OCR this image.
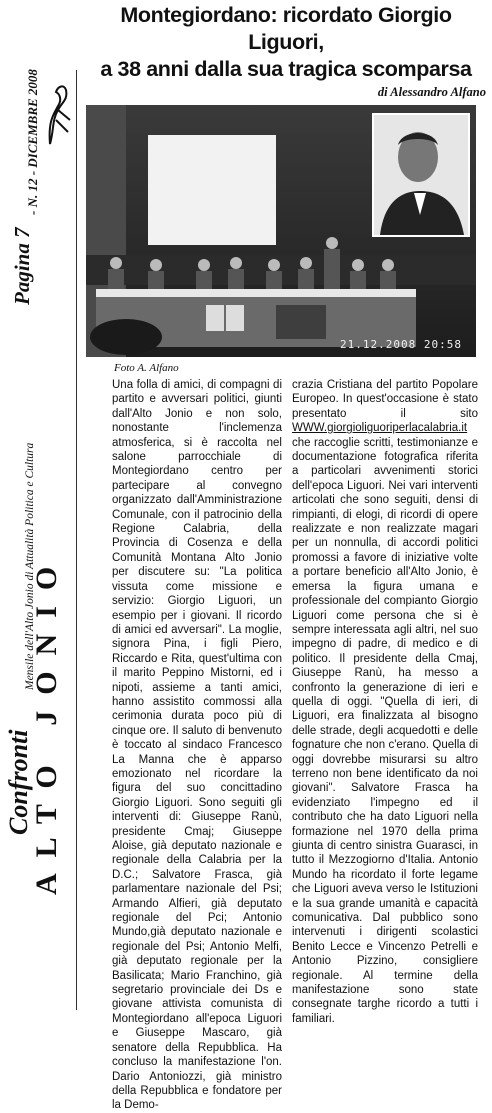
- N. 12 - DICEMBRE 2008
Pagina 7
ALTO JONIO
Mensile dell'Alto Jonio di Attualità Politica e Cultura
Confronti
Montegiordano: ricordato Giorgio Liguori,
a 38 anni dalla sua tragica scomparsa
di Alessandro Alfano
21.12.2008 20:58
Foto A. Alfano
Una folla di amici, di compagni di partito e avversari politici, giunti dall'Alto Jonio e non solo, nonostante l'inclemenza atmosferica, si è raccolta nel salone parrocchiale di Montegiordano centro per partecipare al convegno organizzato dall'Amministrazione Comunale, con il patrocinio della Regione Calabria, della Provincia di Cosenza e della Comunità Montana Alto Jonio per discutere su: "La politica vissuta come missione e servizio: Giorgio Liguori, un esempio per i giovani. Il ricordo di amici ed avversari". La moglie, signora Pina, i figli Piero, Riccardo e Rita, quest'ultima con il marito Peppino Mistorni, ed i nipoti, assieme a tanti amici, hanno assistito commossi alla cerimonia durata poco più di cinque ore. Il saluto di benvenuto è toccato al sindaco Francesco La Manna che è apparso emozionato nel ricordare la figura del suo concittadino Giorgio Liguori. Sono seguiti gli interventi di: Giuseppe Ranù, presidente Cmaj; Giuseppe Aloise, già deputato nazionale e regionale della Calabria per la D.C.; Salvatore Frasca, già parlamentare nazionale del Psi; Armando Alfieri, già deputato regionale del Pci; Antonio Mundo,già deputato nazionale e regionale del Psi; Antonio Melfi, già deputato regionale per la Basilicata; Mario Franchino, già segretario provinciale dei Ds e giovane attivista comunista di Montegiordano all'epoca Liguori e Giuseppe Mascaro, già senatore della Repubblica. Ha concluso la manifestazione l'on. Dario Antoniozzi, già ministro della Repubblica e fondatore per la Demo-
crazia Cristiana del partito Popolare Europeo. In quest'occasione è stato presentato il sito WWW.giorgioliguoriperlacalabria.it che raccoglie scritti, testimonianze e documentazione fotografica riferita a particolari avvenimenti storici dell'epoca Liguori. Nei vari interventi articolati che sono seguiti, densi di rimpianti, di elogi, di ricordi di opere realizzate e non realizzate magari per un nonnulla, di accordi politici promossi a favore di iniziative volte a portare beneficio all'Alto Jonio, è emersa la figura umana e professionale del compianto Giorgio Liguori come persona che si è sempre interessata agli altri, nel suo impegno di padre, di medico e di politico. Il presidente della Cmaj, Giuseppe Ranù, ha messo a confronto la generazione di ieri e quella di oggi. "Quella di ieri, di Liguori, era finalizzata al bisogno delle strade, degli acquedotti e delle fognature che non c'erano. Quella di oggi dovrebbe misurarsi su altro terreno non bene identificato da noi giovani". Salvatore Frasca ha evidenziato l'impegno ed il contributo che ha dato Liguori nella formazione nel 1970 della prima giunta di centro sinistra Guarasci, in tutto il Mezzogiorno d'Italia. Antonio Mundo ha ricordato il forte legame che Liguori aveva verso le Istituzioni e la sua grande umanità e capacità comunicativa. Dal pubblico sono intervenuti i dirigenti scolastici Benito Lecce e Vincenzo Petrelli e Antonio Pizzino, consigliere regionale. Al termine della manifestazione sono state consegnate targhe ricordo a tutti i familiari.
